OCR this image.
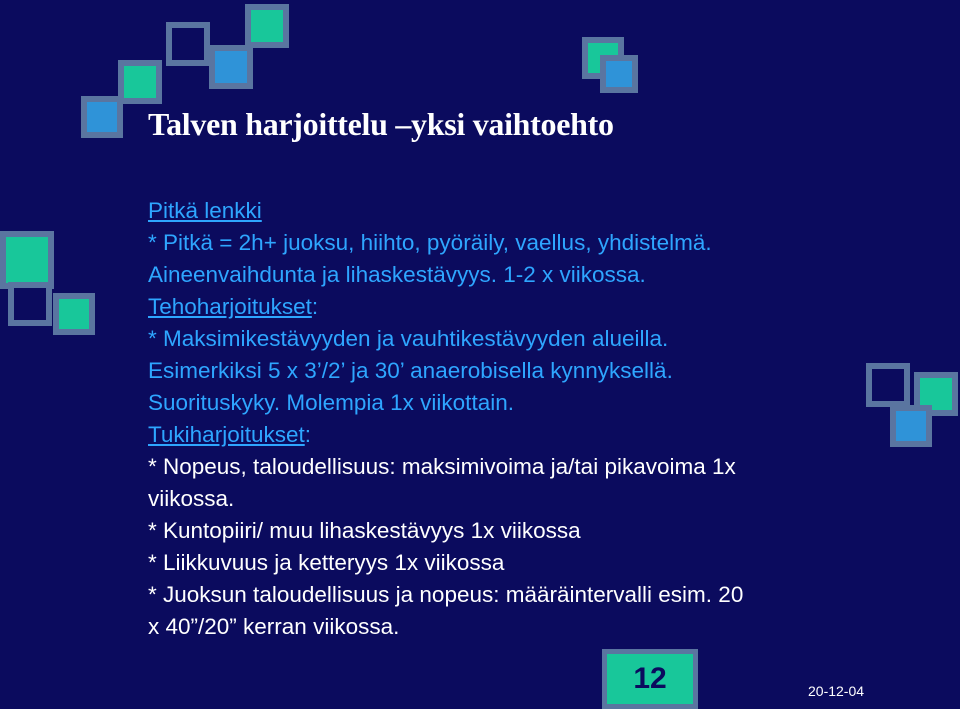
Talven harjoittelu –yksi vaihtoehto
Pitkä lenkki
* Pitkä = 2h+ juoksu, hiihto, pyöräily, vaellus, yhdistelmä.
Aineenvaihdunta ja lihaskestävyys. 1-2 x viikossa.
Tehoharjoitukset:
* Maksimikestävyyden ja vauhtikestävyyden alueilla.
Esimerkiksi 5 x 3’/2’ ja 30’ anaerobisella kynnyksellä.
Suorituskyky. Molempia 1x viikottain.
Tukiharjoitukset:
* Nopeus, taloudellisuus: maksimivoima ja/tai pikavoima 1x
viikossa.
* Kuntopiiri/ muu lihaskestävyys 1x viikossa
* Liikkuvuus ja ketteryys 1x viikossa
* Juoksun taloudellisuus ja nopeus: määräintervalli esim. 20
x 40”/20” kerran viikossa.
12	20-12-04
